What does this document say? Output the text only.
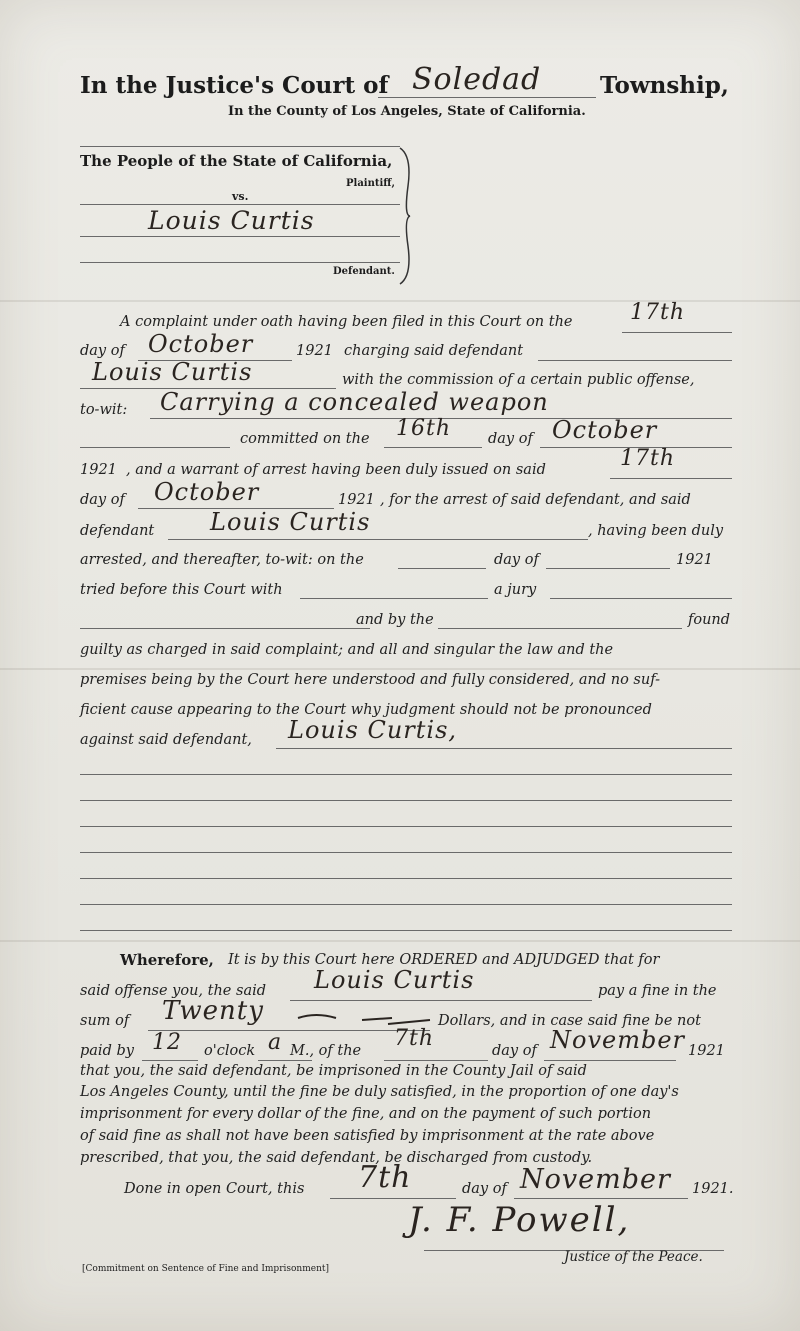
In the Justice's Court of Soledad	Township,
In the County of Los Angeles, State of California.
The People of the State of California,
Plaintiff,
vs.
Louis Curtis
Defendant.
A complaint under oath having been filed in this Court on the	17th
day of October	1921 charging said defendant
Louis Curtis	with the commission of a certain public offense,
to-wit: Carrying a concealed weapon
committed on the 16th	day of October
1921 , and a warrant of arrest having been duly issued on said	17th
day of October	1921 , for the arrest of said defendant, and said
defendant Louis Curtis	, having been duly
arrested, and thereafter, to-wit: on the	day of	1921
tried before this Court with	a jury
and by the	found
guilty as charged in said complaint; and all and singular the law and the
premises being by the Court here understood and fully considered, and no suf-
ficient cause appearing to the Court why judgment should not be pronounced
against said defendant, Louis Curtis,
Wherefore, It is by this Court here ORDERED and ADJUDGED that for
said offense you, the said Louis Curtis	pay a fine in the
sum of Twenty	Dollars, and in case said fine be not
paid by 12 o'clock a M., of the 7th	day of November 1921
that you, the said defendant, be imprisoned in the County Jail of said
Los Angeles County, until the fine be duly satisfied, in the proportion of one day's
imprisonment for every dollar of the fine, and on the payment of such portion
of said fine as shall not have been satisfied by imprisonment at the rate above
prescribed, that you, the said defendant, be discharged from custody.
Done in open Court, this 7th	day of November 1921.
J. F. Powell,
Justice of the Peace.
[Commitment on Sentence of Fine and Imprisonment]
